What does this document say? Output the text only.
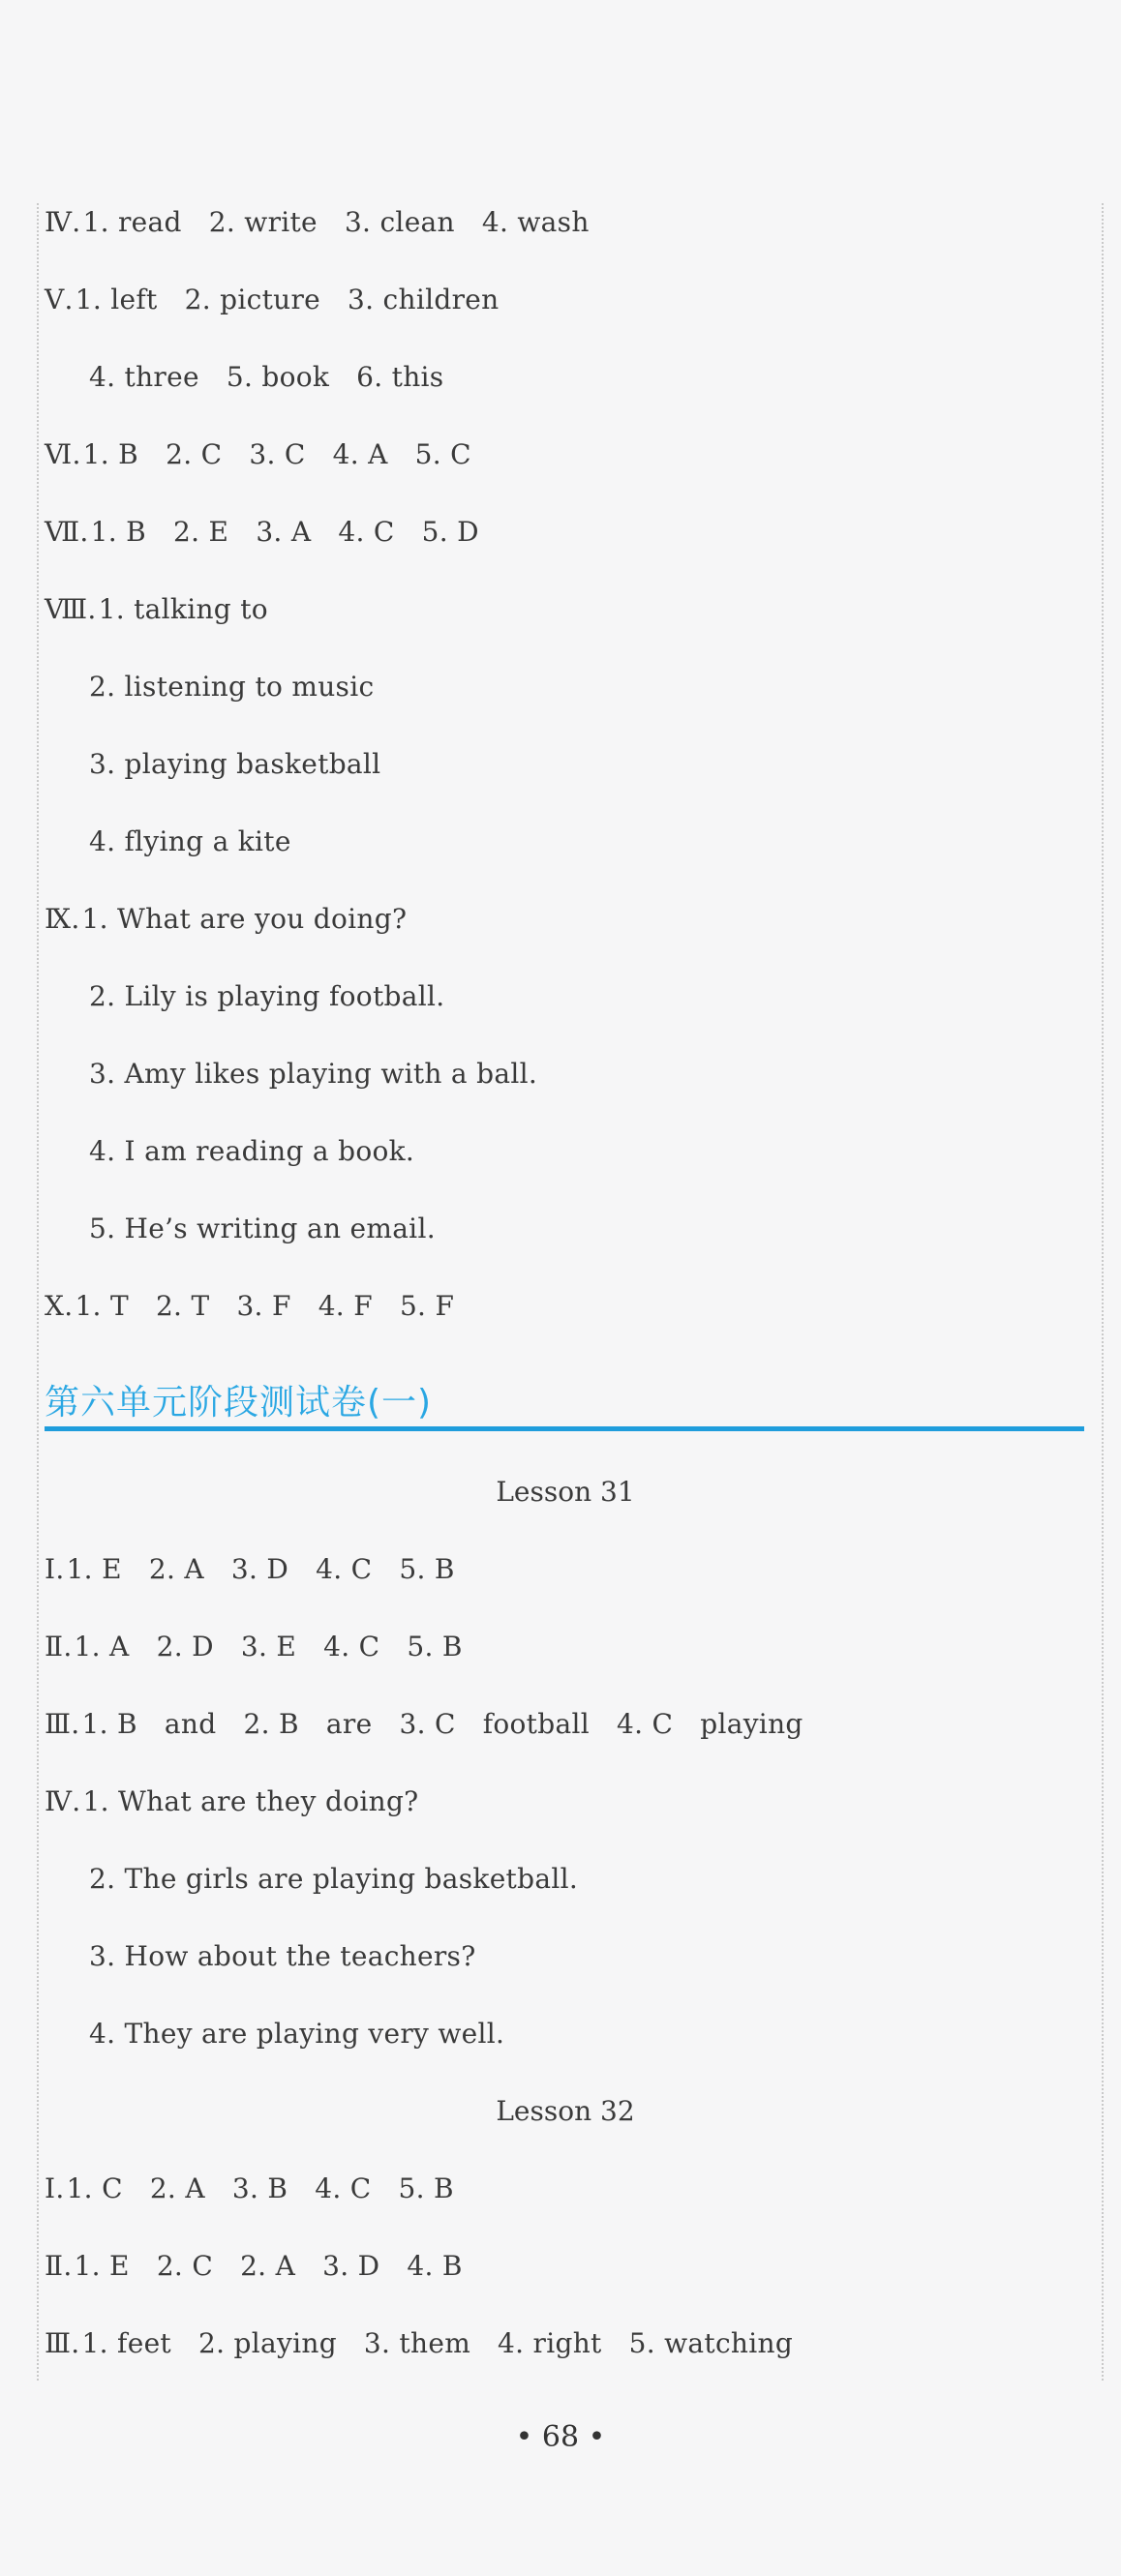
Ⅳ.1. read 2. write 3. clean 4. wash
Ⅴ.1. left 2. picture 3. children
4. three 5. book 6. this
Ⅵ.1. B 2. C 3. C 4. A 5. C
Ⅶ.1. B 2. E 3. A 4. C 5. D
Ⅷ.1. talking to
2. listening to music
3. playing basketball
4. flying a kite
Ⅸ.1. What are you doing?
2. Lily is playing football.
3. Amy likes playing with a ball.
4. I am reading a book.
5. He’s writing an email.
Ⅹ.1. T 2. T 3. F 4. F 5. F
第六单元阶段测试卷(一)
Lesson 31
Ⅰ.1. E 2. A 3. D 4. C 5. B
Ⅱ.1. A 2. D 3. E 4. C 5. B
Ⅲ.1. B and 2. B are 3. C football 4. C playing
Ⅳ.1. What are they doing?
2. The girls are playing basketball.
3. How about the teachers?
4. They are playing very well.
Lesson 32
Ⅰ.1. C 2. A 3. B 4. C 5. B
Ⅱ.1. E 2. C 2. A 3. D 4. B
Ⅲ.1. feet 2. playing 3. them 4. right 5. watching
• 68 •
